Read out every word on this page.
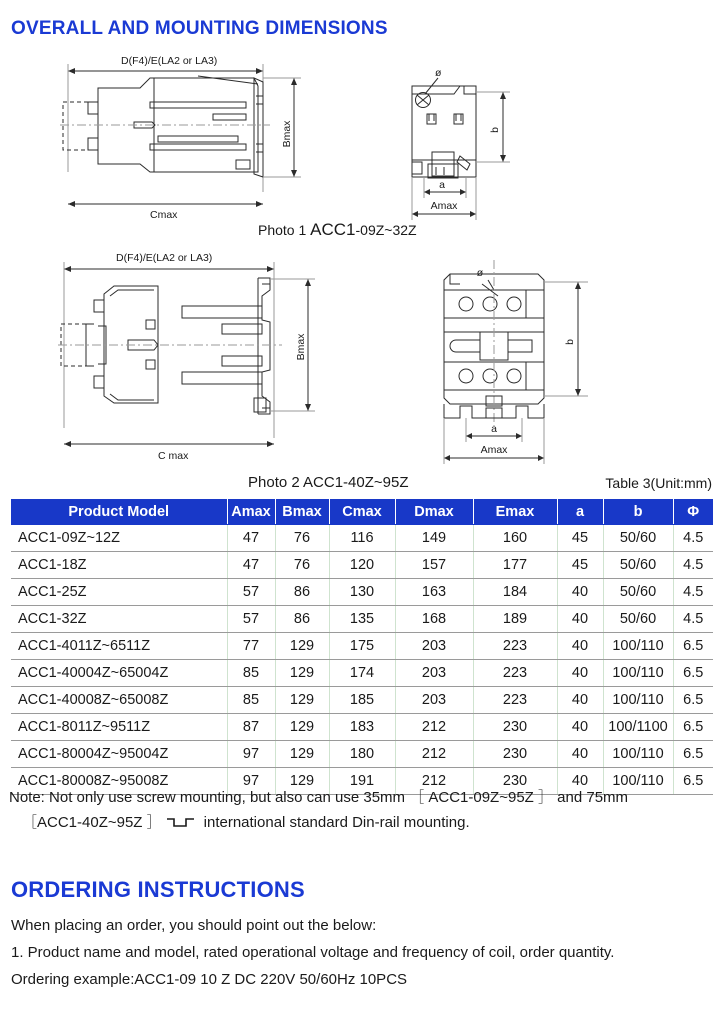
OVERALL AND MOUNTING DIMENSIONS
D(F4)/E(LA2 or LA3)
Bmax
Cmax
ø
b
a
Amax
Photo 1 ACC1-09Z~32Z
D(F4)/E(LA2 or LA3)
Bmax
C max
ø
b
a
Amax
Photo 2 ACC1-40Z~95Z	Table 3(Unit:mm)
Product Model	Amax	Bmax	Cmax	Dmax	Emax	a	b	Φ
ACC1-09Z~12Z	47	76	116	149	160	45	50/60	4.5
ACC1-18Z	47	76	120	157	177	45	50/60	4.5
ACC1-25Z	57	86	130	163	184	40	50/60	4.5
ACC1-32Z	57	86	135	168	189	40	50/60	4.5
ACC1-4011Z~6511Z	77	129	175	203	223	40	100/110	6.5
ACC1-40004Z~65004Z	85	129	174	203	223	40	100/110	6.5
ACC1-40008Z~65008Z	85	129	185	203	223	40	100/110	6.5
ACC1-8011Z~9511Z	87	129	183	212	230	40	100/1100	6.5
ACC1-80004Z~95004Z	97	129	180	212	230	40	100/110	6.5
ACC1-80008Z~95008Z	97	129	191	212	230	40	100/110	6.5
Note: Not only use screw mounting, but also can use 35mm ［ ACC1-09Z~95Z ］ and 75mm
［ACC1-40Z~95Z ］	international standard Din-rail mounting.
ORDERING INSTRUCTIONS
When placing an order, you should point out the below:
1. Product name and model, rated operational voltage and frequency of coil, order quantity.
Ordering example:ACC1-09 10 Z DC 220V 50/60Hz 10PCS
